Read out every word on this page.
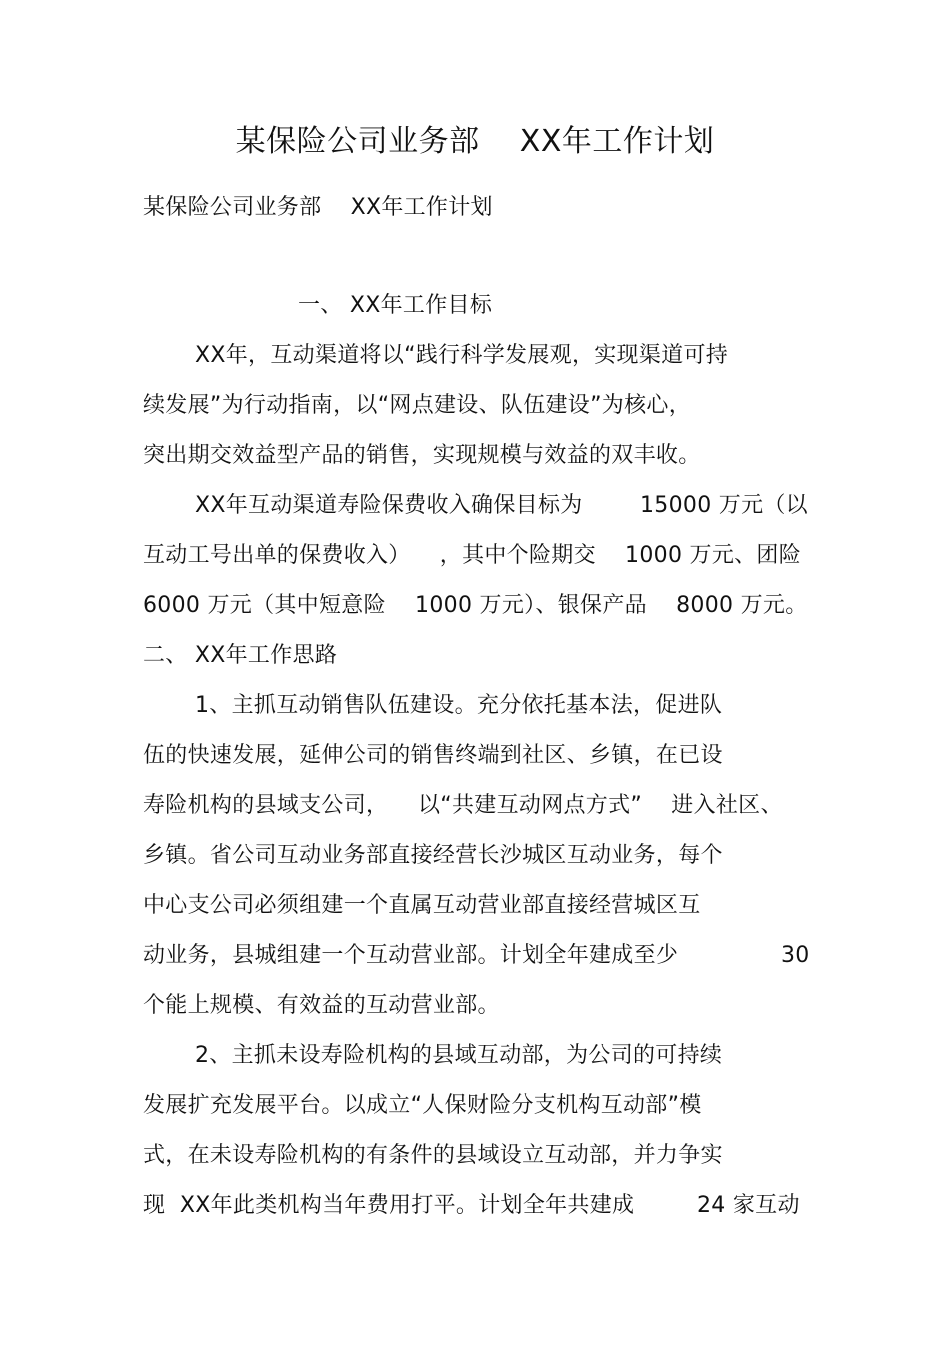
某保险公司业务部    XX年工作计划
某保险公司业务部    XX年工作计划
一、 XX年工作目标
XX年，互动渠道将以“践行科学发展观，实现渠道可持
续发展”为行动指南，以“网点建设、队伍建设”为核心，
突出期交效益型产品的销售，实现规模与效益的双丰收。
XX年互动渠道寿险保费收入确保目标为	15000 万元（以
互动工号出单的保费收入）    ，其中个险期交    1000 万元、团险
6000 万元（其中短意险    1000 万元）、银保产品    8000 万元。
二、 XX年工作思路
1、主抓互动销售队伍建设。充分依托基本法，促进队
伍的快速发展，延伸公司的销售终端到社区、乡镇，在已设
寿险机构的县域支公司， 以“共建互动网点方式”    进入社区、
乡镇。省公司互动业务部直接经营长沙城区互动业务，每个
中心支公司必须组建一个直属互动营业部直接经营城区互
动业务，县城组建一个互动营业部。计划全年建成至少	30
个能上规模、有效益的互动营业部。
2、主抓未设寿险机构的县域互动部，为公司的可持续
发展扩充发展平台。以成立“人保财险分支机构互动部”模
式，在未设寿险机构的有条件的县域设立互动部，并力争实
现  XX年此类机构当年费用打平。计划全年共建成	24 家互动
